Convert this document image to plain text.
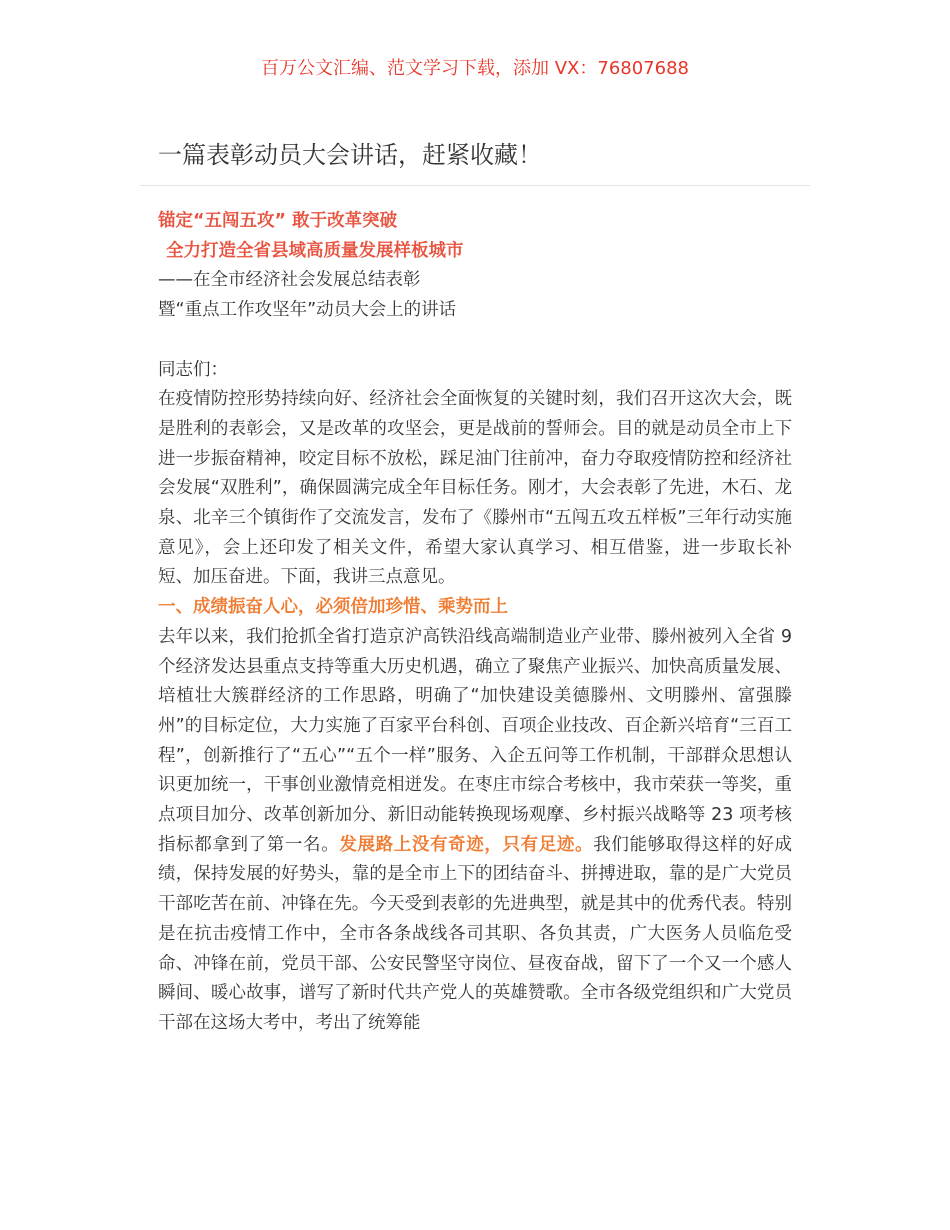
百万公文汇编、范文学习下载，添加 VX：76807688
一篇表彰动员大会讲话，赶紧收藏！

锚定“五闯五攻” 敢于改革突破

全力打造全省县域高质量发展样板城市

——在全市经济社会发展总结表彰

暨“重点工作攻坚年”动员大会上的讲话

同志们：

在疫情防控形势持续向好、经济社会全面恢复的关键时刻，我们召开这次大会，既是胜利的表彰会，又是改革的攻坚会，更是战前的誓师会。目的就是动员全市上下进一步振奋精神，咬定目标不放松，踩足油门往前冲，奋力夺取疫情防控和经济社会发展“双胜利”，确保圆满完成全年目标任务。刚才，大会表彰了先进，木石、龙泉、北辛三个镇街作了交流发言，发布了《滕州市“五闯五攻五样板”三年行动实施意见》，会上还印发了相关文件，希望大家认真学习、相互借鉴，进一步取长补短、加压奋进。下面，我讲三点意见。

一、成绩振奋人心，必须倍加珍惜、乘势而上

去年以来，我们抢抓全省打造京沪高铁沿线高端制造业产业带、滕州被列入全省 9 个经济发达县重点支持等重大历史机遇，确立了聚焦产业振兴、加快高质量发展、培植壮大簇群经济的工作思路，明确了“加快建设美德滕州、文明滕州、富强滕州”的目标定位，大力实施了百家平台科创、百项企业技改、百企新兴培育“三百工程”，创新推行了“五心”“五个一样”服务、入企五问等工作机制，干部群众思想认识更加统一，干事创业激情竞相迸发。在枣庄市综合考核中，我市荣获一等奖，重点项目加分、改革创新加分、新旧动能转换现场观摩、乡村振兴战略等 23 项考核指标都拿到了第一名。发展路上没有奇迹，只有足迹。我们能够取得这样的好成绩，保持发展的好势头，靠的是全市上下的团结奋斗、拼搏进取，靠的是广大党员干部吃苦在前、冲锋在先。今天受到表彰的先进典型，就是其中的优秀代表。特别是在抗击疫情工作中，全市各条战线各司其职、各负其责，广大医务人员临危受命、冲锋在前，党员干部、公安民警坚守岗位、昼夜奋战，留下了一个又一个感人瞬间、暖心故事，谱写了新时代共产党人的英雄赞歌。全市各级党组织和广大党员干部在这场大考中，考出了统筹能
